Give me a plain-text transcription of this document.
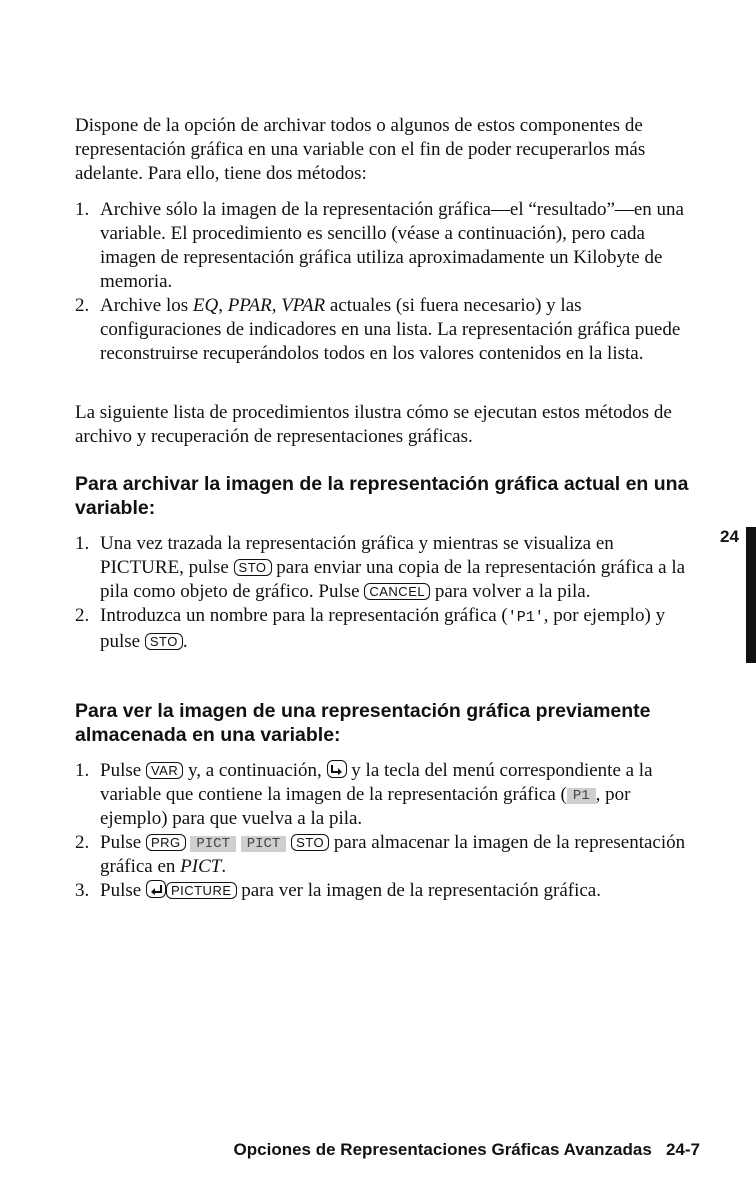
Dispone de la opción de archivar todos o algunos de estos componentes de representación gráfica en una variable con el fin de poder recuperarlos más adelante. Para ello, tiene dos métodos:

1. Archive sólo la imagen de la representación gráfica—el “resultado”—en una variable. El procedimiento es sencillo (véase a continuación), pero cada imagen de representación gráfica utiliza aproximadamente un Kilobyte de memoria.
2. Archive los EQ, PPAR, VPAR actuales (si fuera necesario) y las configuraciones de indicadores en una lista. La representación gráfica puede reconstruirse recuperándolos todos en los valores contenidos en la lista.

La siguiente lista de procedimientos ilustra cómo se ejecutan estos métodos de archivo y recuperación de representaciones gráficas.

Para archivar la imagen de la representación gráfica actual en una variable:
1. Una vez trazada la representación gráfica y mientras se visualiza en PICTURE, pulse STO para enviar una copia de la representación gráfica a la pila como objeto de gráfico. Pulse CANCEL para volver a la pila.
2. Introduzca un nombre para la representación gráfica ('P1', por ejemplo) y pulse STO .
Para ver la imagen de una representación gráfica previamente almacenada en una variable:
1. Pulse VAR y, a continuación,
y la tecla del menú correspondiente a la variable que contiene la imagen de la representación gráfica ( P1 , por ejemplo) para que vuelva a la pila.
2. Pulse PRG PICT PICT STO para almacenar la imagen de la representación gráfica en PICT.
3. Pulse
PICTURE para ver la imagen de la representación gráfica.
24
Opciones de Representaciones Gráficas Avanzadas 24-7
